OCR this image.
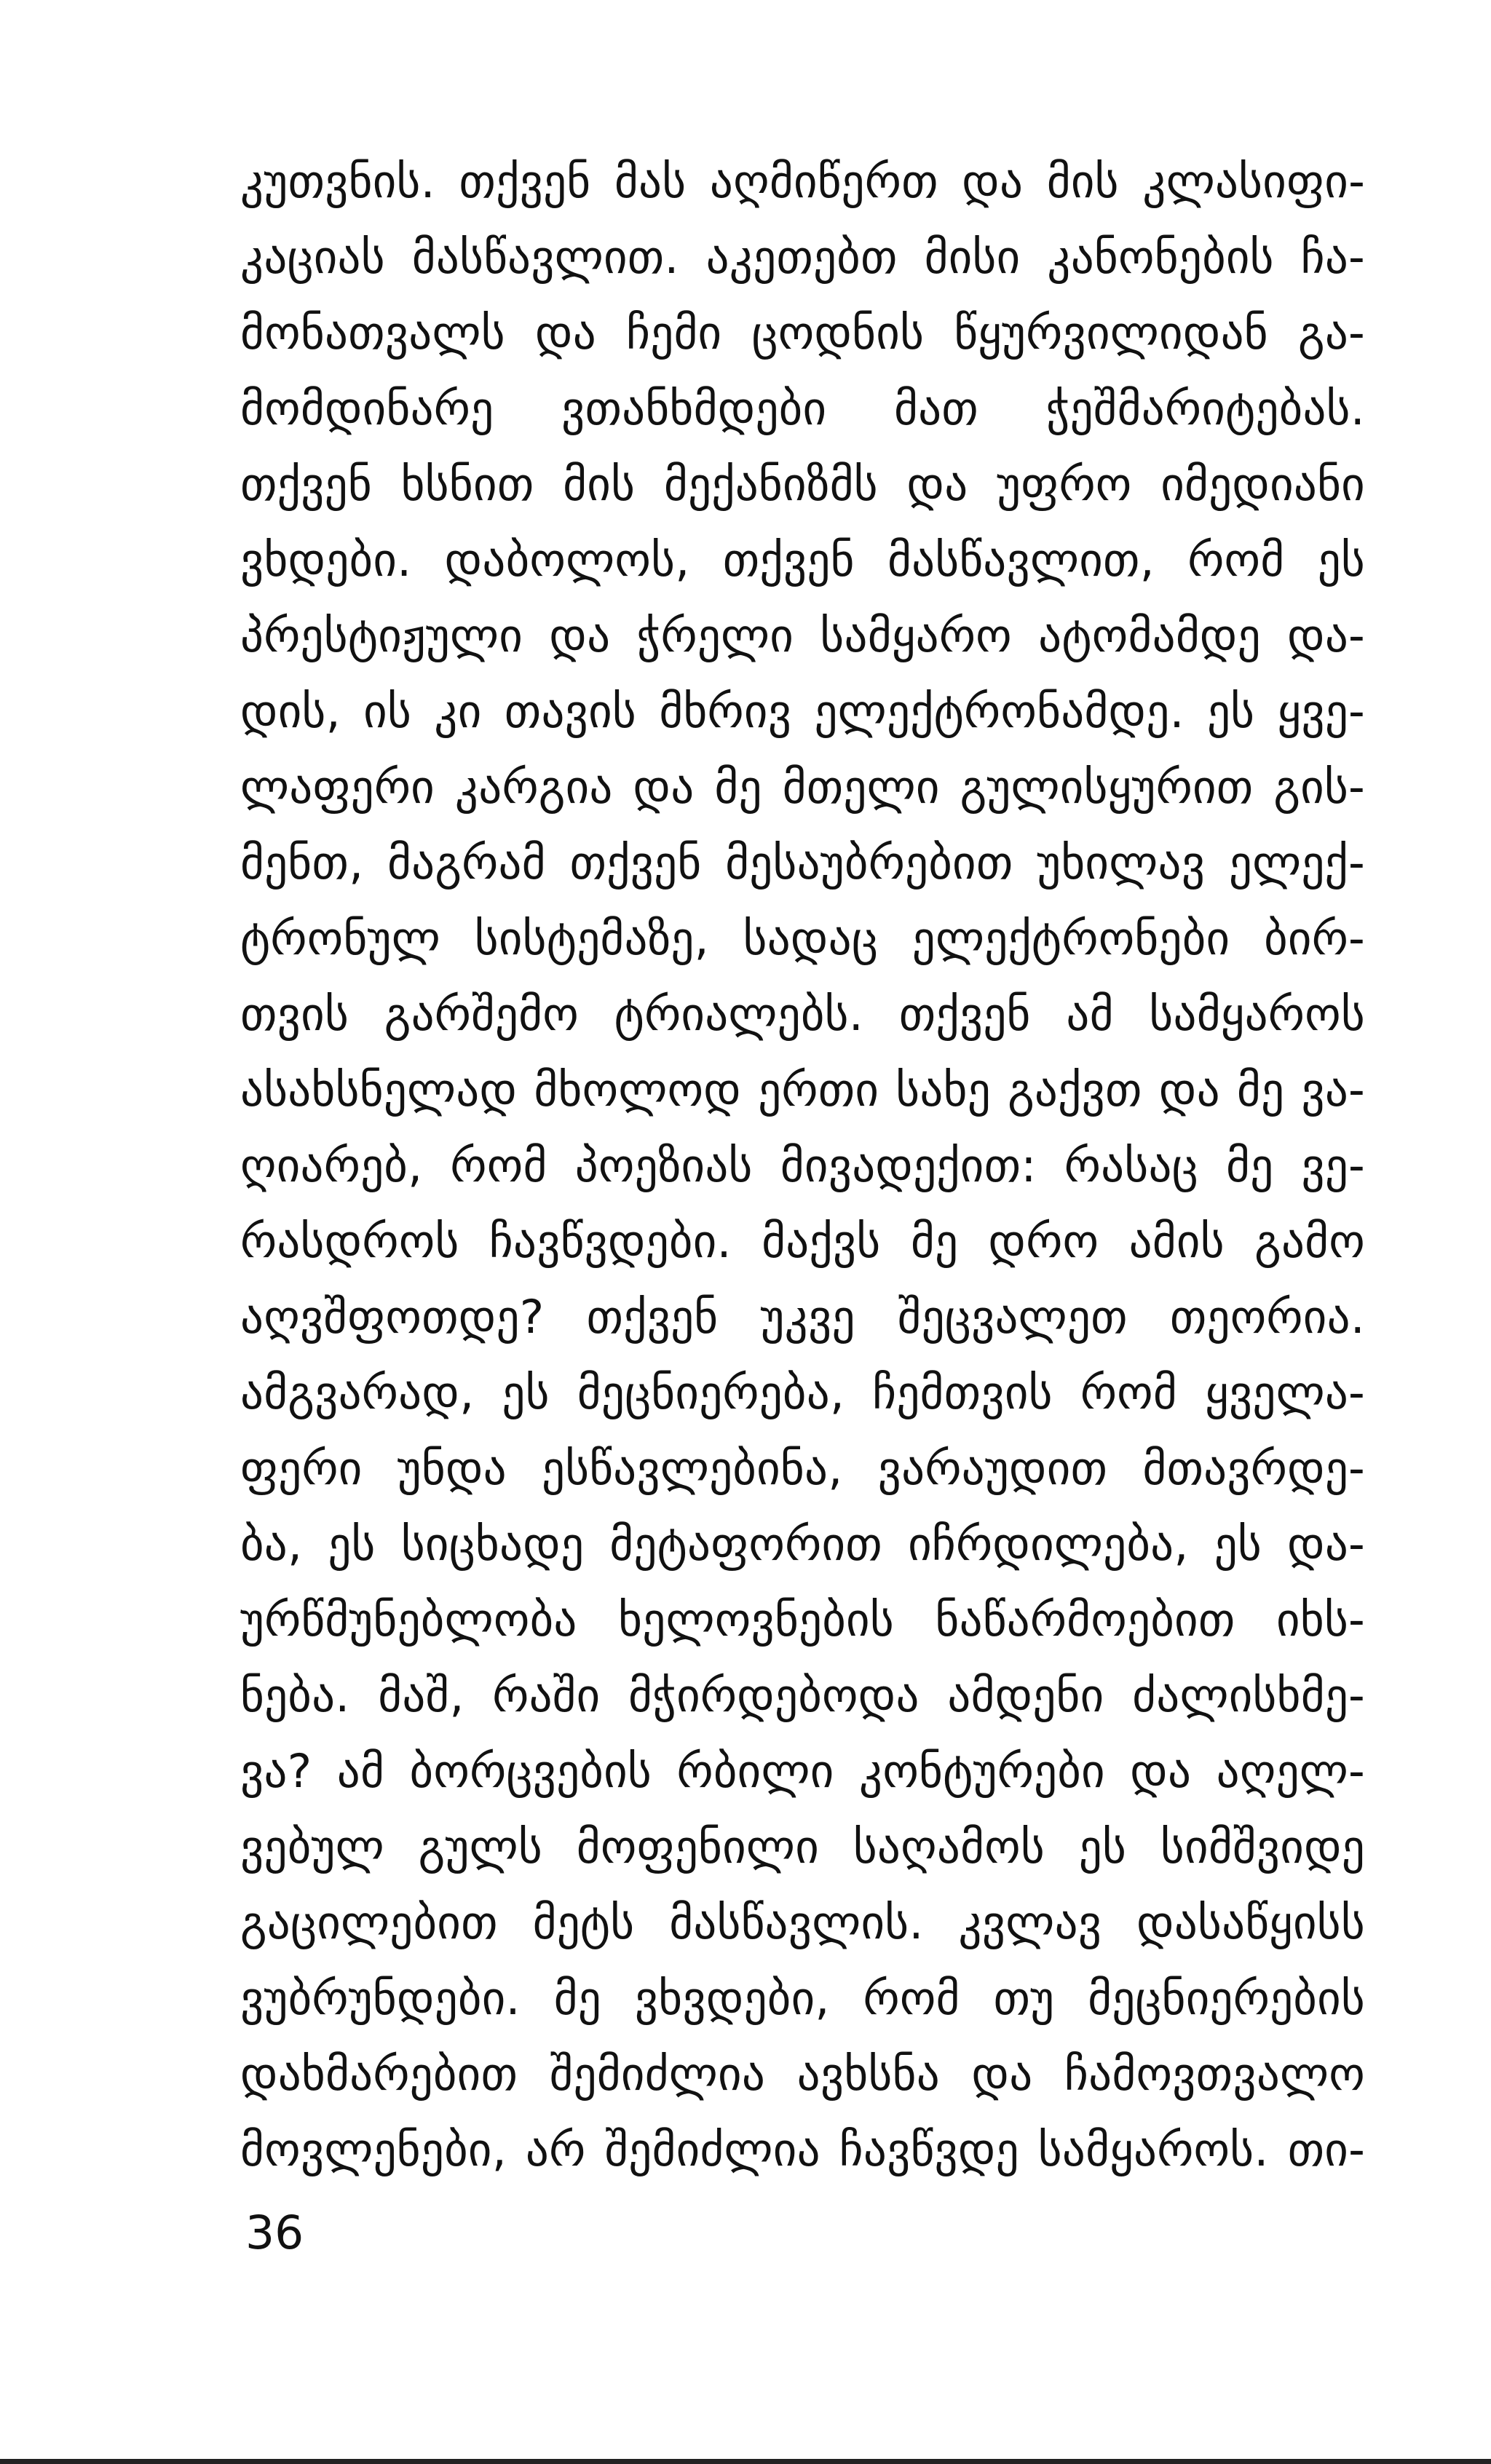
კუთვნის. თქვენ მას აღმიწერთ და მის კლასიფი-
კაციას მასწავლით. აკეთებთ მისი კანონების ჩა-
მონათვალს და ჩემი ცოდნის წყურვილიდან გა-
მომდინარე ვთანხმდები მათ ჭეშმარიტებას.
თქვენ ხსნით მის მექანიზმს და უფრო იმედიანი
ვხდები. დაბოლოს, თქვენ მასწავლით, რომ ეს
პრესტიჟული და ჭრელი სამყარო ატომამდე და-
დის, ის კი თავის მხრივ ელექტრონამდე. ეს ყვე-
ლაფერი კარგია და მე მთელი გულისყურით გის-
მენთ, მაგრამ თქვენ მესაუბრებით უხილავ ელექ-
ტრონულ სისტემაზე, სადაც ელექტრონები ბირ-
თვის გარშემო ტრიალებს. თქვენ ამ სამყაროს
ასახსნელად მხოლოდ ერთი სახე გაქვთ და მე ვა-
ღიარებ, რომ პოეზიას მივადექით: რასაც მე ვე-
რასდროს ჩავწვდები. მაქვს მე დრო ამის გამო
აღვშფოთდე? თქვენ უკვე შეცვალეთ თეორია.
ამგვარად, ეს მეცნიერება, ჩემთვის რომ ყველა-
ფერი უნდა ესწავლებინა, ვარაუდით მთავრდე-
ბა, ეს სიცხადე მეტაფორით იჩრდილება, ეს და-
ურწმუნებლობა ხელოვნების ნაწარმოებით იხს-
ნება. მაშ, რაში მჭირდებოდა ამდენი ძალისხმე-
ვა? ამ ბორცვების რბილი კონტურები და აღელ-
ვებულ გულს მოფენილი საღამოს ეს სიმშვიდე
გაცილებით მეტს მასწავლის. კვლავ დასაწყისს
ვუბრუნდები. მე ვხვდები, რომ თუ მეცნიერების
დახმარებით შემიძლია ავხსნა და ჩამოვთვალო
მოვლენები, არ შემიძლია ჩავწვდე სამყაროს. თი-
36
